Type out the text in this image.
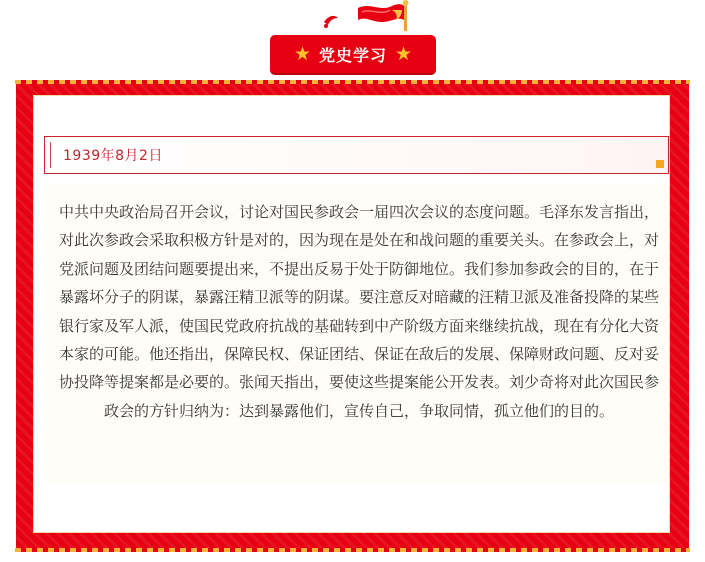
★ 党史学习 ★
1939年8月2日

中共中央政治局召开会议，讨论对国民参政会一届四次会议的态度问题。毛泽东发言指出，对此次参政会采取积极方针是对的，因为现在是处在和战问题的重要关头。在参政会上，对党派问题及团结问题要提出来，不提出反易于处于防御地位。我们参加参政会的目的，在于暴露坏分子的阴谋，暴露汪精卫派等的阴谋。要注意反对暗藏的汪精卫派及准备投降的某些银行家及军人派，使国民党政府抗战的基础转到中产阶级方面来继续抗战，现在有分化大资本家的可能。他还指出，保障民权、保证团结、保证在敌后的发展、保障财政问题、反对妥协投降等提案都是必要的。张闻天指出，要使这些提案能公开发表。刘少奇将对此次国民参政会的方针归纳为：达到暴露他们，宣传自己，争取同情，孤立他们的目的。
